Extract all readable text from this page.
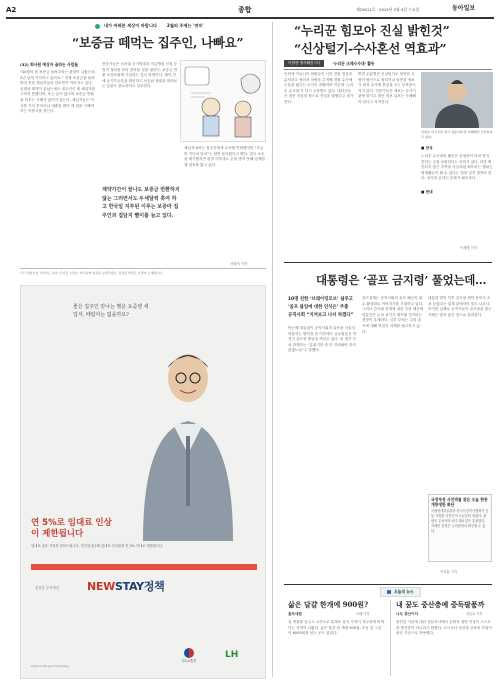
A2	종합	제29011호 · 2015년 2월 4일 수요일	동아일보
내가 바꿔본 세상이 바랍니다 2월의 주제는 '연속'
“보증금 떼먹는 집주인, 나빠요”
(32) 회사원 예상자 골라는 사람들
“30평의 집 보증금 돌려주라는 판결이 나왔는데 2년 넘게 기다리고 있어요.” 전세 보증금을 돌려받지 못한 세입자들의 하소연이 이어지고 있다. 임대차 계약이 끝났는데도 집주인이 새 세입자를 구하지 못했다며, 또는 돈이 없다며 보증금 반환을 미루는 사례가 끊이지 않는다. 세입자들은 이사를 가지 못하거나 대출을 받아 새 집을 구해야 하는 이중고를 겪는다.
전문가들은 임차권 등기명령과 지급명령 신청 등 법적 절차를 미리 알아둘 것을 권한다. 보증금 반환 보증보험에 가입하는 것도 방법이다. 계약 전에 등기부등본을 확인하고 선순위 채권을 따져보는 습관도 중요하다고 강조한다.
계약기간이 끝나도 보증금 반환하지 않는 그러면서도 두세달씩 혹여 하고 한국일 지부된 이루는 보증마 집주인과 집담지 빨이를 늘고 있다.
세입자 A씨는 집주인에게 수차례 연락했지만 “조금만 기다려 달라”는 답만 돌아왔다고 했다. 결국 소송을 제기했지만 판결 이후에도 돈을 받지 못해 강제집행 절차를 밟고 있다.
서형석 기자
무너 세입자님 기다리는 알쏭 ‘독자들 오세요’ 게시판에 의견을 보내주세요. 선정된 의견은 지면에 소개합니다.
좋은 집주인 만나는 행운 요즘엔 세입자, 떼럼아는 없을까요?
연 5%로 임대료 인상이 제한됩니다
임대료 상승 걱정을 덜어드립니다. 민간임대주택 임대료 인상률을 연 5% 이내로 제한합니다.
중산층 주거혁신	NEWSTAY정책
www.molit.go.kr/newstay
국토교통부
LH
“누리꾼 힘모아 진실 밝힌것”
“신상털기-수사혼선 역효과”
이럴땐 생각해봅시다	‘누리꾼 크레수사대’ 활동
인터넷 커뮤니티 회원들이 사건 현장 영상을 분석하고 용의자 차량을 추적해 경찰 수사에 도움을 줬다는 소식이 전해지며 이른바 ‘누리꾼 수사대’가 다시 주목받고 있다. 네티즌들은 집단 지성의 힘으로 진실을 밝혔다고 평가한다.
반면 무분별한 신상털기로 엉뚱한 사람이 범인으로 몰리거나 잘못된 정보가 퍼져 수사에 혼선을 주는 부작용도 적지 않다. 전문가들은 제보는 수사기관에 맡기고 개인 정보 유포는 자제해야 한다고 지적한다.
김하늘 씨가 2일 경기 성남시의 한 카페에서 인터뷰하고 있다.
■ 찬성
누리꾼 수사대의 활동은 공권력이 미처 닿지 못하는 곳을 보완한다는 의미가 있다. 다만 확인되지 않은 추측을 사실처럼 퍼뜨리는 행위는 명예훼손이 될 수 있다는 점을 잊지 말아야 한다. 성숙한 온라인 문화가 필요하다.
■ 반대
이재명 기자
대통령은 ‘골프 금지령’ 풀었는데…
10명 친한 ‘브레이킹모브’ 쉽루고
‘골프 붐업에 대한 인식은’ 주춤
공직사회 “지켜보고 나서 하겠다”
박근혜 대통령이 공직사회의 골프를 사실상 허용하는 발언을 한 이후에도 공무원들은 여전히 골프장 출입을 꺼리고 있다. 한 정부 부처 관계자는 “분위기를 좀 더 지켜봐야 하지 않겠느냐”고 말했다.
골프업계는 공직사회의 골프 해금이 내수 활성화로 이어지기를 기대하고 있다. 그러나 감사와 징계에 대한 부담 때문에 당분간은 눈치 보기가 계속될 것이라는 전망이 우세하다. 일부 부처는 주말 골프에 대해 여전히 자제를 권고하고 있다.
대통령 발언 이후 골프장 예약 문의가 소폭 늘었다는 업계 관계자의 말도 나온다. 하지만 실제로 공직자들이 골프장을 찾는 사례는 많지 않은 것으로 알려졌다.
이지훈 기자
국정부장 사진박물 찾든 오늘 현종 개방생한 화단
국립현대미술관과 한국사진작가협회가 공동 기획한 사진전이 오늘부터 열린다. 관람은 무료이며 매주 월요일은 휴관한다. 자세한 일정은 누리집에서 확인할 수 있다.
오늘의 뉴스
삶은 달걀 한개에 900원?
골프대림
설 연휴를 앞두고 고속도로 휴게소 음식 가격이 지나치게 비싸다는 지적이 나왔다. 삶은 달걀 한 개에 900원, 우동 한 그릇이 6000원을 넘는 곳도 있었다.
이혜 기자
내 꿈도 중산층예 중독팔품까
나도 중산이다
중산층 기준에 대한 설문조사에서 응답자 절반 이상이 스스로를 중산층이 아니라고 답했다. 소득보다 자산과 교육비 부담이 판단 기준으로 작용했다.
김동호 기자
